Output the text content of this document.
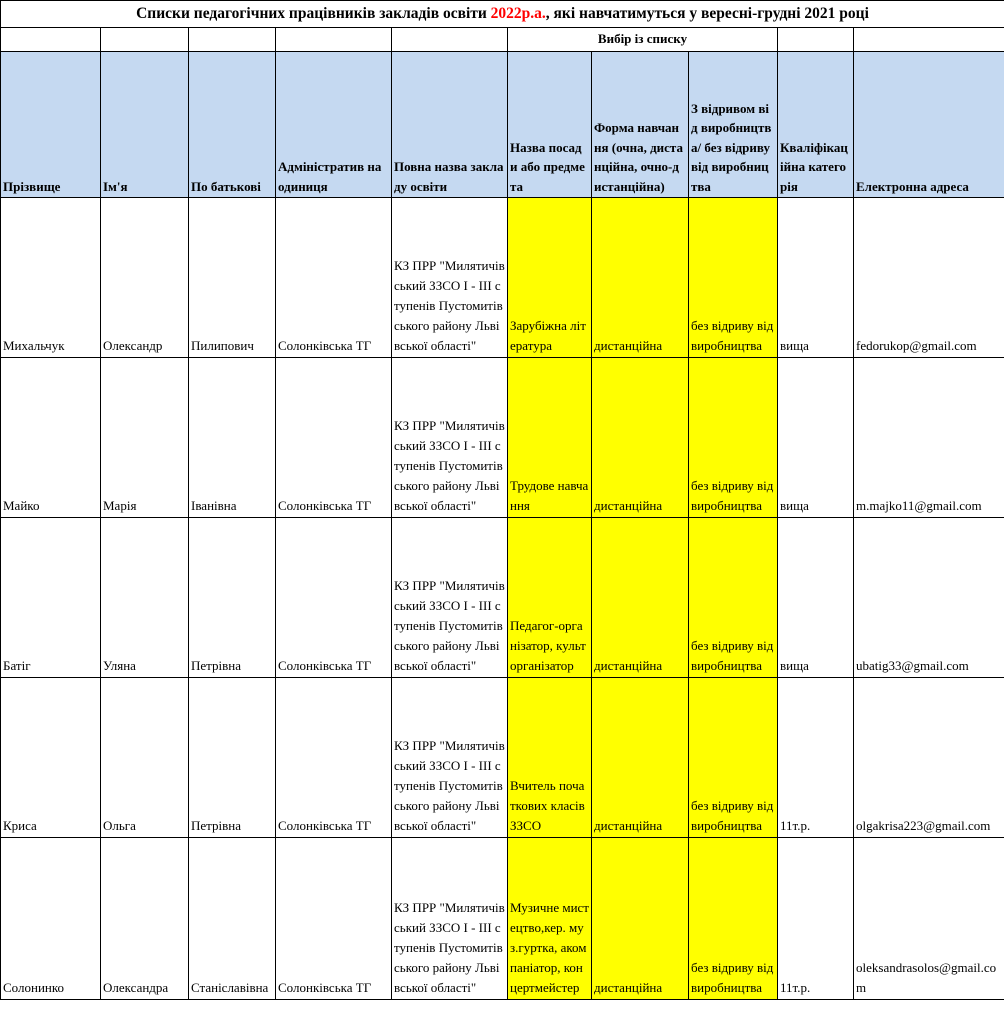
Списки педагогічних працівників закладів освіти 2022р.а., які навчатимуться у вересні-грудні 2021 році									
					Вибір із списку				
Прізвище	Ім'я	По батькові	Адміністратив на одиниця	Повна назва закладу освіти	Назва посади або предмета	Форма навчання (очна, дистанційна, очно-дистанційна)	З відривом від виробництва/ без відриву від виробництва	Кваліфікаційна категорія	Електронна адреса
Михальчук	Олександр	Пилипович	Солонківська ТГ	КЗ ПРР "Милятичівський ЗЗСО І - ІІІ ступенів Пустомитівського району Львівської області"	Зарубіжна література	дистанційна	без відриву від виробництва	вища	fedorukop@gmail.com
Майко	Марія	Іванівна	Солонківська ТГ	КЗ ПРР "Милятичівський ЗЗСО І - ІІІ ступенів Пустомитівського району Львівської області"	Трудове навчання	дистанційна	без відриву від виробництва	вища	m.majko11@gmail.com
Батіг	Уляна	Петрівна	Солонківська ТГ	КЗ ПРР "Милятичівський ЗЗСО І - ІІІ ступенів Пустомитівського району Львівської області"	Педагог-організатор, культорганізатор	дистанційна	без відриву від виробництва	вища	ubatig33@gmail.com
Криса	Ольга	Петрівна	Солонківська ТГ	КЗ ПРР "Милятичівський ЗЗСО І - ІІІ ступенів Пустомитівського району Львівської області"	Вчитель початкових класів ЗЗСО	дистанційна	без відриву від виробництва	11т.р.	olgakrisa223@gmail.com
Солонинко	Олександра	Станіславівна	Солонківська ТГ	КЗ ПРР "Милятичівський ЗЗСО І - ІІІ ступенів Пустомитівського району Львівської області"	Музичне мистецтво,кер. муз.гуртка, акомпаніатор, концертмейстер	дистанційна	без відриву від виробництва	11т.р.	oleksandrasolos@gmail.com
